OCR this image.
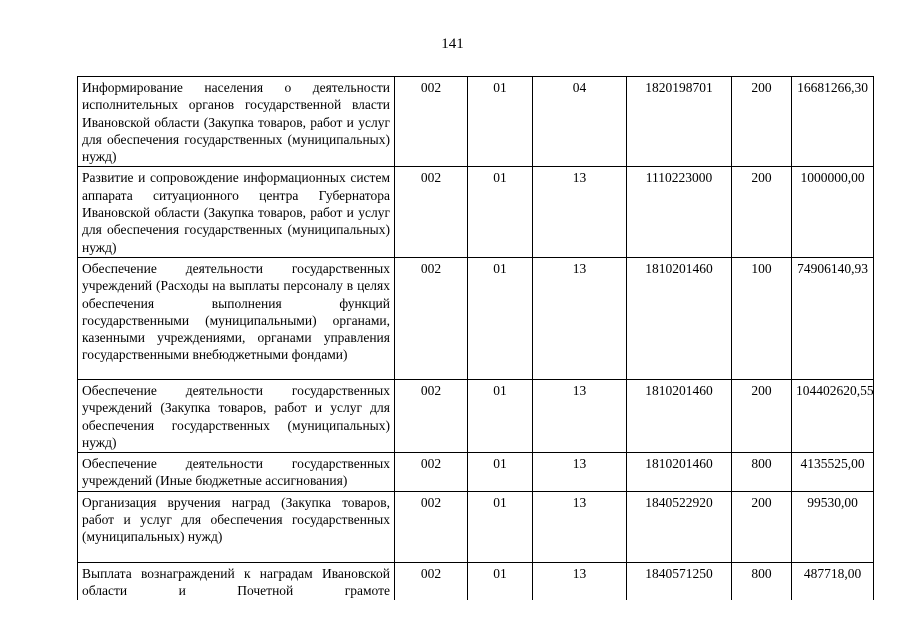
141
Информирование населения о деятельности исполнительных органов государственной власти Ивановской области (Закупка товаров, работ и услуг для обеспечения государственных (муниципальных) нужд)	002	01	04	1820198701	200	16681266,30
Развитие и сопровождение информационных систем аппарата ситуационного центра Губернатора Ивановской области (Закупка товаров, работ и услуг для обеспечения государственных (муниципальных) нужд)	002	01	13	1110223000	200	1000000,00
Обеспечение деятельности государственных учреждений (Расходы на выплаты персоналу в целях обеспечения выполнения функций государственными (муниципальными) органами, казенными учреждениями, органами управления государственными внебюджетными фондами)	002	01	13	1810201460	100	74906140,93
Обеспечение деятельности государственных учреждений (Закупка товаров, работ и услуг для обеспечения государственных (муниципальных) нужд)	002	01	13	1810201460	200	104402620,55
Обеспечение деятельности государственных учреждений (Иные бюджетные ассигнования)	002	01	13	1810201460	800	4135525,00
Организация вручения наград (Закупка товаров, работ и услуг для обеспечения государственных (муниципальных) нужд)	002	01	13	1840522920	200	99530,00
Выплата вознаграждений к наградам Ивановской области и Почетной грамоте	002	01	13	1840571250	800	487718,00
